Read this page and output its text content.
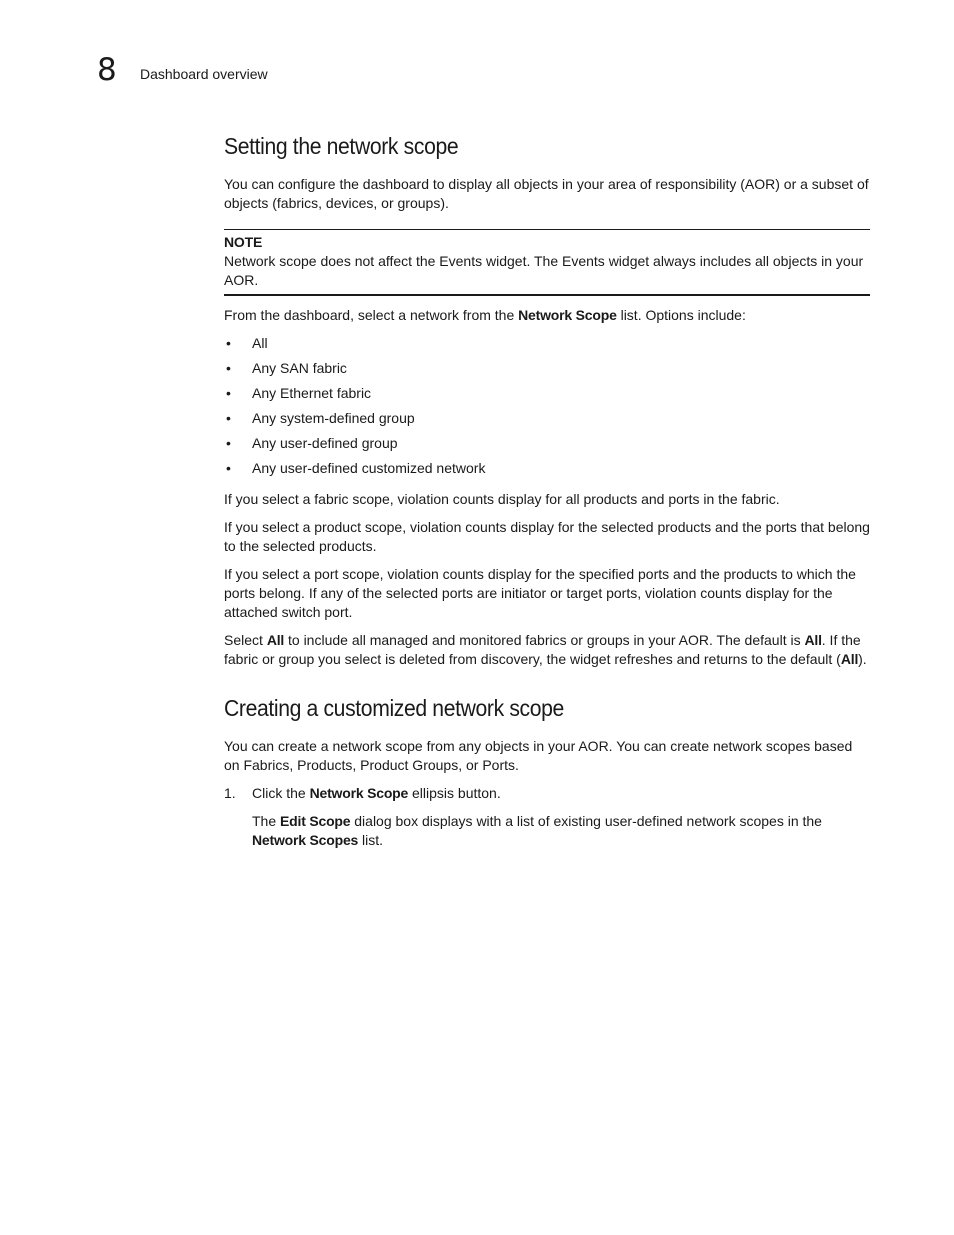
8 Dashboard overview
Setting the network scope

You can configure the dashboard to display all objects in your area of responsibility (AOR) or a subset of objects (fabrics, devices, or groups).

NOTE
Network scope does not affect the Events widget. The Events widget always includes all objects in your AOR.

From the dashboard, select a network from the Network Scope list. Options include:

• All
• Any SAN fabric
• Any Ethernet fabric
• Any system-defined group
• Any user-defined group
• Any user-defined customized network

If you select a fabric scope, violation counts display for all products and ports in the fabric.

If you select a product scope, violation counts display for the selected products and the ports that belong to the selected products.

If you select a port scope, violation counts display for the specified ports and the products to which the ports belong. If any of the selected ports are initiator or target ports, violation counts display for the attached switch port.

Select All to include all managed and monitored fabrics or groups in your AOR. The default is All. If the fabric or group you select is deleted from discovery, the widget refreshes and returns to the default (All).

Creating a customized network scope

You can create a network scope from any objects in your AOR. You can create network scopes based on Fabrics, Products, Product Groups, or Ports.

1. Click the Network Scope ellipsis button.
The Edit Scope dialog box displays with a list of existing user-defined network scopes in the Network Scopes list.
